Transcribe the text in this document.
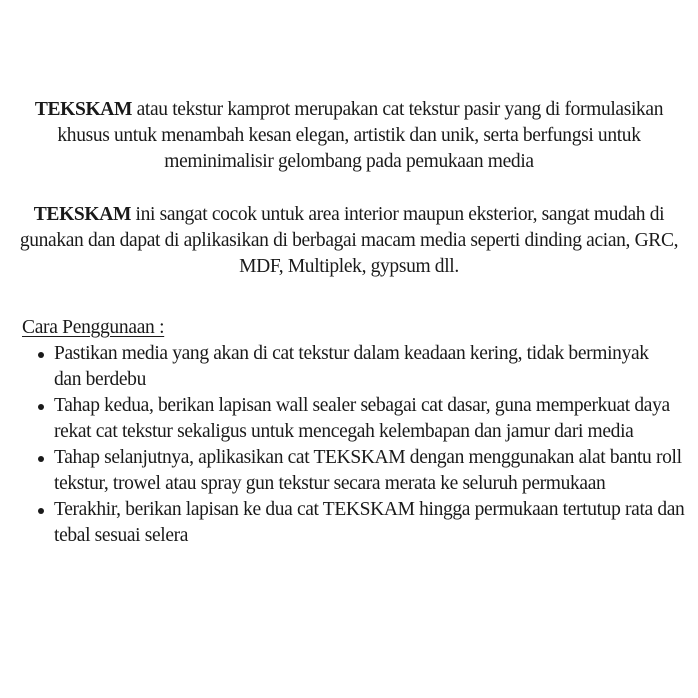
TEKSKAM atau tekstur kamprot merupakan cat tekstur pasir yang di formulasikan khusus untuk menambah kesan elegan, artistik dan unik, serta berfungsi untuk meminimalisir gelombang pada pemukaan media

TEKSKAM ini sangat cocok untuk area interior maupun eksterior, sangat mudah di gunakan dan dapat di aplikasikan di berbagai macam media seperti dinding acian, GRC, MDF, Multiplek, gypsum dll.

Cara Penggunaan :
Pastikan media yang akan di cat tekstur dalam keadaan kering, tidak berminyak dan berdebu
Tahap kedua, berikan lapisan wall sealer sebagai cat dasar, guna memperkuat daya rekat cat tekstur sekaligus untuk mencegah kelembapan dan jamur dari media
Tahap selanjutnya, aplikasikan cat TEKSKAM dengan menggunakan alat bantu roll tekstur, trowel atau spray gun tekstur secara merata ke seluruh permukaan
Terakhir, berikan lapisan ke dua cat TEKSKAM hingga permukaan tertutup rata dan tebal sesuai selera
